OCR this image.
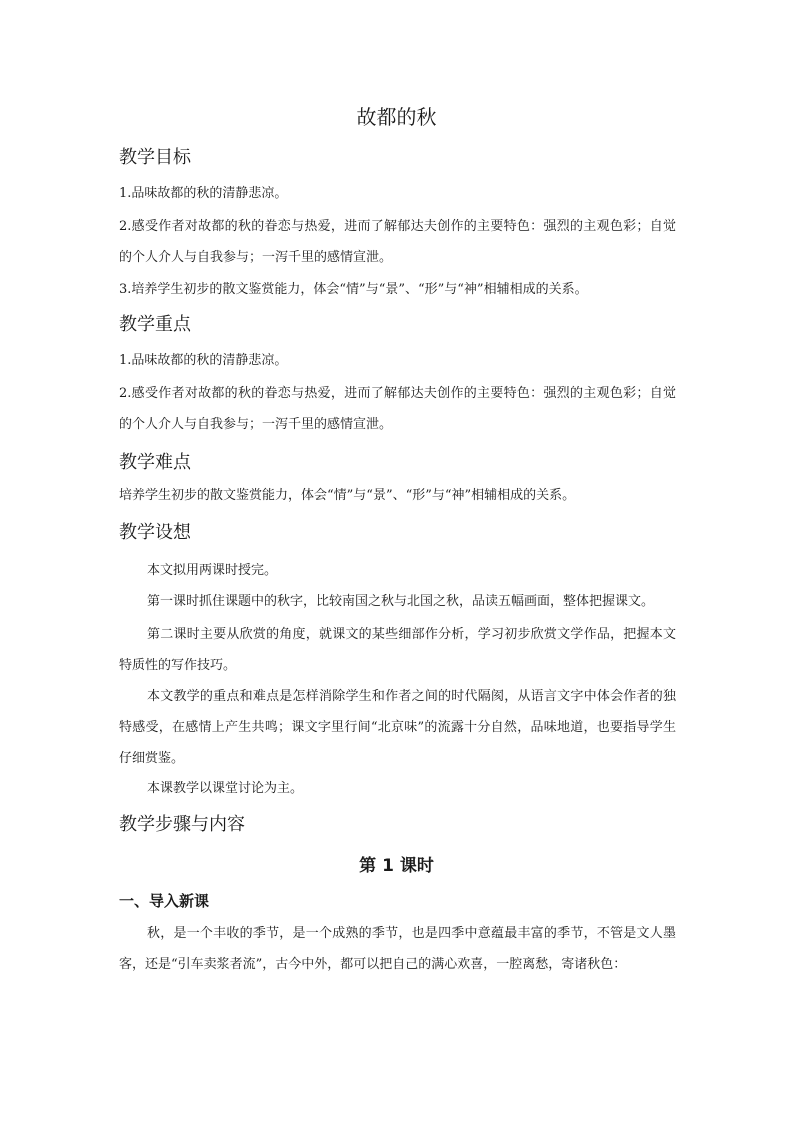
故都的秋
教学目标

1.品味故都的秋的清静悲凉。

2.感受作者对故都的秋的眷恋与热爱，进而了解郁达夫创作的主要特色：强烈的主观色彩；自觉的个人介人与自我参与；一泻千里的感情宣泄。

3.培养学生初步的散文鉴赏能力，体会“情”与“景”、“形”与“神”相辅相成的关系。

教学重点

1.品味故都的秋的清静悲凉。

2.感受作者对故都的秋的眷恋与热爱，进而了解郁达夫创作的主要特色：强烈的主观色彩；自觉的个人介人与自我参与；一泻千里的感情宣泄。

教学难点

培养学生初步的散文鉴赏能力，体会“情”与“景”、“形”与“神”相辅相成的关系。

教学设想

本文拟用两课时授完。

第一课时抓住课题中的秋字，比较南国之秋与北国之秋，品读五幅画面，整体把握课文。

第二课时主要从欣赏的角度，就课文的某些细部作分析，学习初步欣赏文学作品，把握本文特质性的写作技巧。

本文教学的重点和难点是怎样消除学生和作者之间的时代隔阂，从语言文字中体会作者的独特感受，在感情上产生共鸣；课文字里行间“北京味”的流露十分自然，品味地道，也要指导学生仔细赏鉴。

本课教学以课堂讨论为主。

教学步骤与内容
第 1 课时
一、导入新课

秋，是一个丰收的季节，是一个成熟的季节，也是四季中意蕴最丰富的季节，不管是文人墨客，还是“引车卖浆者流”，古今中外，都可以把自己的满心欢喜，一腔离愁，寄诸秋色：
